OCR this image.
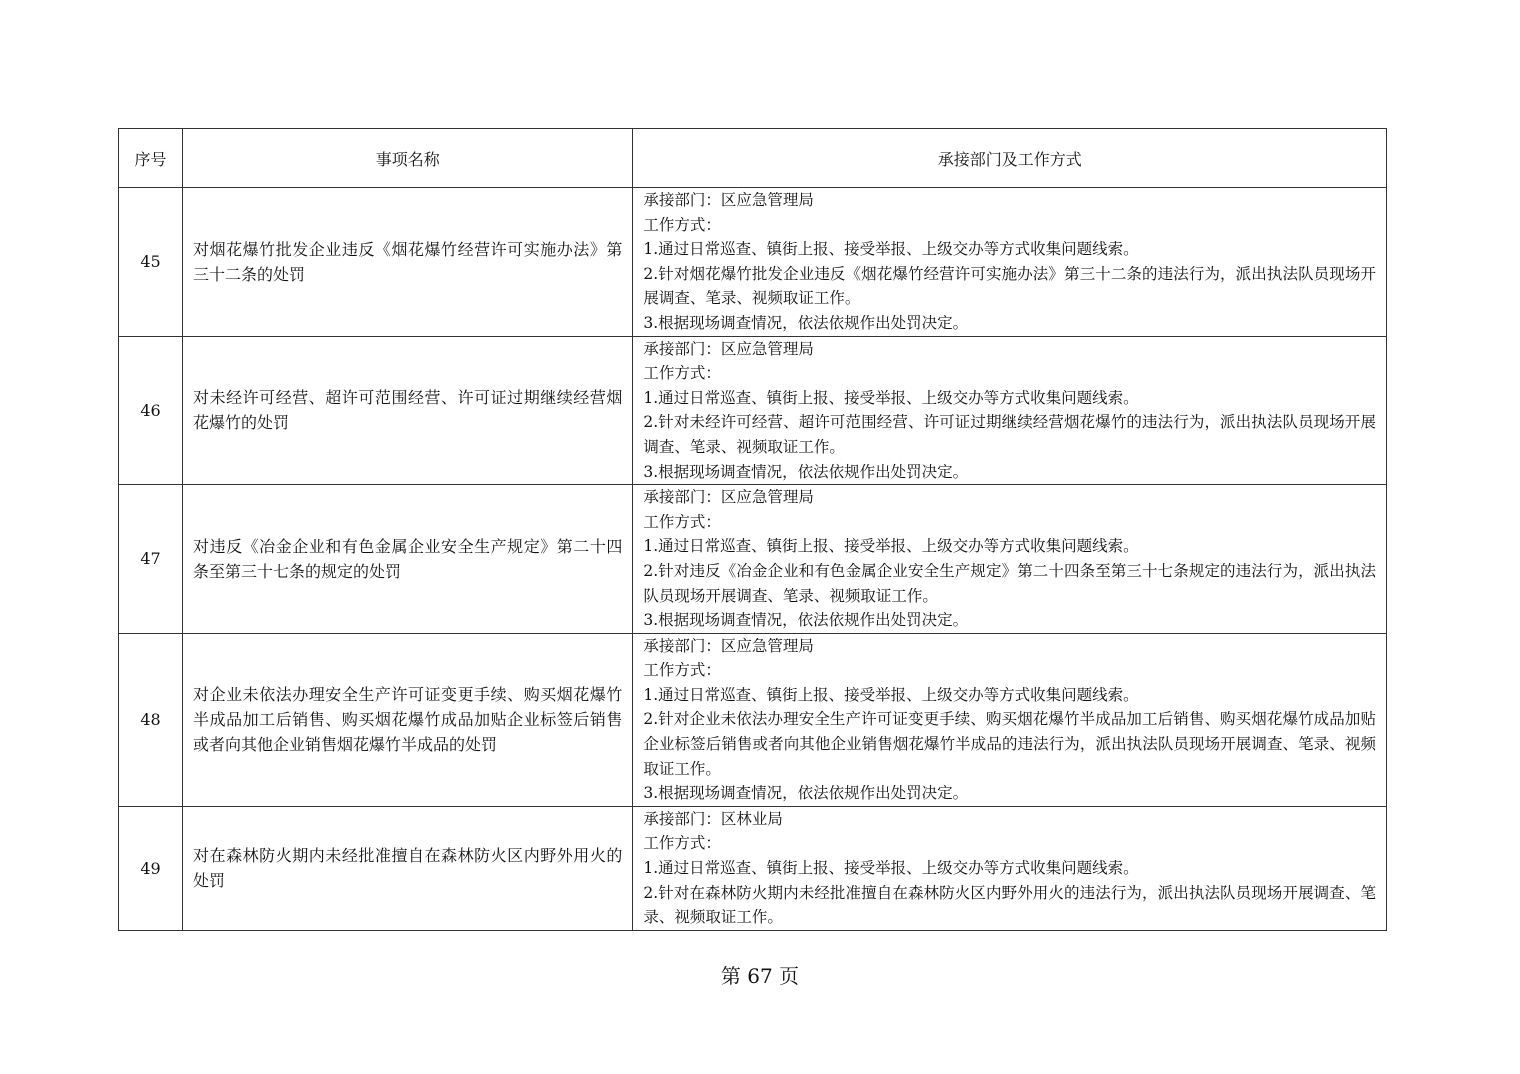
序号	事项名称	承接部门及工作方式
45	对烟花爆竹批发企业违反《烟花爆竹经营许可实施办法》第三十二条的处罚	承接部门：区应急管理局
工作方式：
1.通过日常巡查、镇街上报、接受举报、上级交办等方式收集问题线索。
2.针对烟花爆竹批发企业违反《烟花爆竹经营许可实施办法》第三十二条的违法行为，派出执法队员现场开展调查、笔录、视频取证工作。
3.根据现场调查情况，依法依规作出处罚决定。

46	对未经许可经营、超许可范围经营、许可证过期继续经营烟花爆竹的处罚	承接部门：区应急管理局
工作方式：
1.通过日常巡查、镇街上报、接受举报、上级交办等方式收集问题线索。
2.针对未经许可经营、超许可范围经营、许可证过期继续经营烟花爆竹的违法行为，派出执法队员现场开展调查、笔录、视频取证工作。
3.根据现场调查情况，依法依规作出处罚决定。

47	对违反《冶金企业和有色金属企业安全生产规定》第二十四条至第三十七条的规定的处罚	承接部门：区应急管理局
工作方式：
1.通过日常巡查、镇街上报、接受举报、上级交办等方式收集问题线索。
2.针对违反《冶金企业和有色金属企业安全生产规定》第二十四条至第三十七条规定的违法行为，派出执法队员现场开展调查、笔录、视频取证工作。
3.根据现场调查情况，依法依规作出处罚决定。

48	对企业未依法办理安全生产许可证变更手续、购买烟花爆竹半成品加工后销售、购买烟花爆竹成品加贴企业标签后销售或者向其他企业销售烟花爆竹半成品的处罚	承接部门：区应急管理局
工作方式：
1.通过日常巡查、镇街上报、接受举报、上级交办等方式收集问题线索。
2.针对企业未依法办理安全生产许可证变更手续、购买烟花爆竹半成品加工后销售、购买烟花爆竹成品加贴企业标签后销售或者向其他企业销售烟花爆竹半成品的违法行为，派出执法队员现场开展调查、笔录、视频取证工作。
3.根据现场调查情况，依法依规作出处罚决定。

49	对在森林防火期内未经批准擅自在森林防火区内野外用火的处罚	承接部门：区林业局
工作方式：
1.通过日常巡查、镇街上报、接受举报、上级交办等方式收集问题线索。
2.针对在森林防火期内未经批准擅自在森林防火区内野外用火的违法行为，派出执法队员现场开展调查、笔录、视频取证工作。
第 67 页
